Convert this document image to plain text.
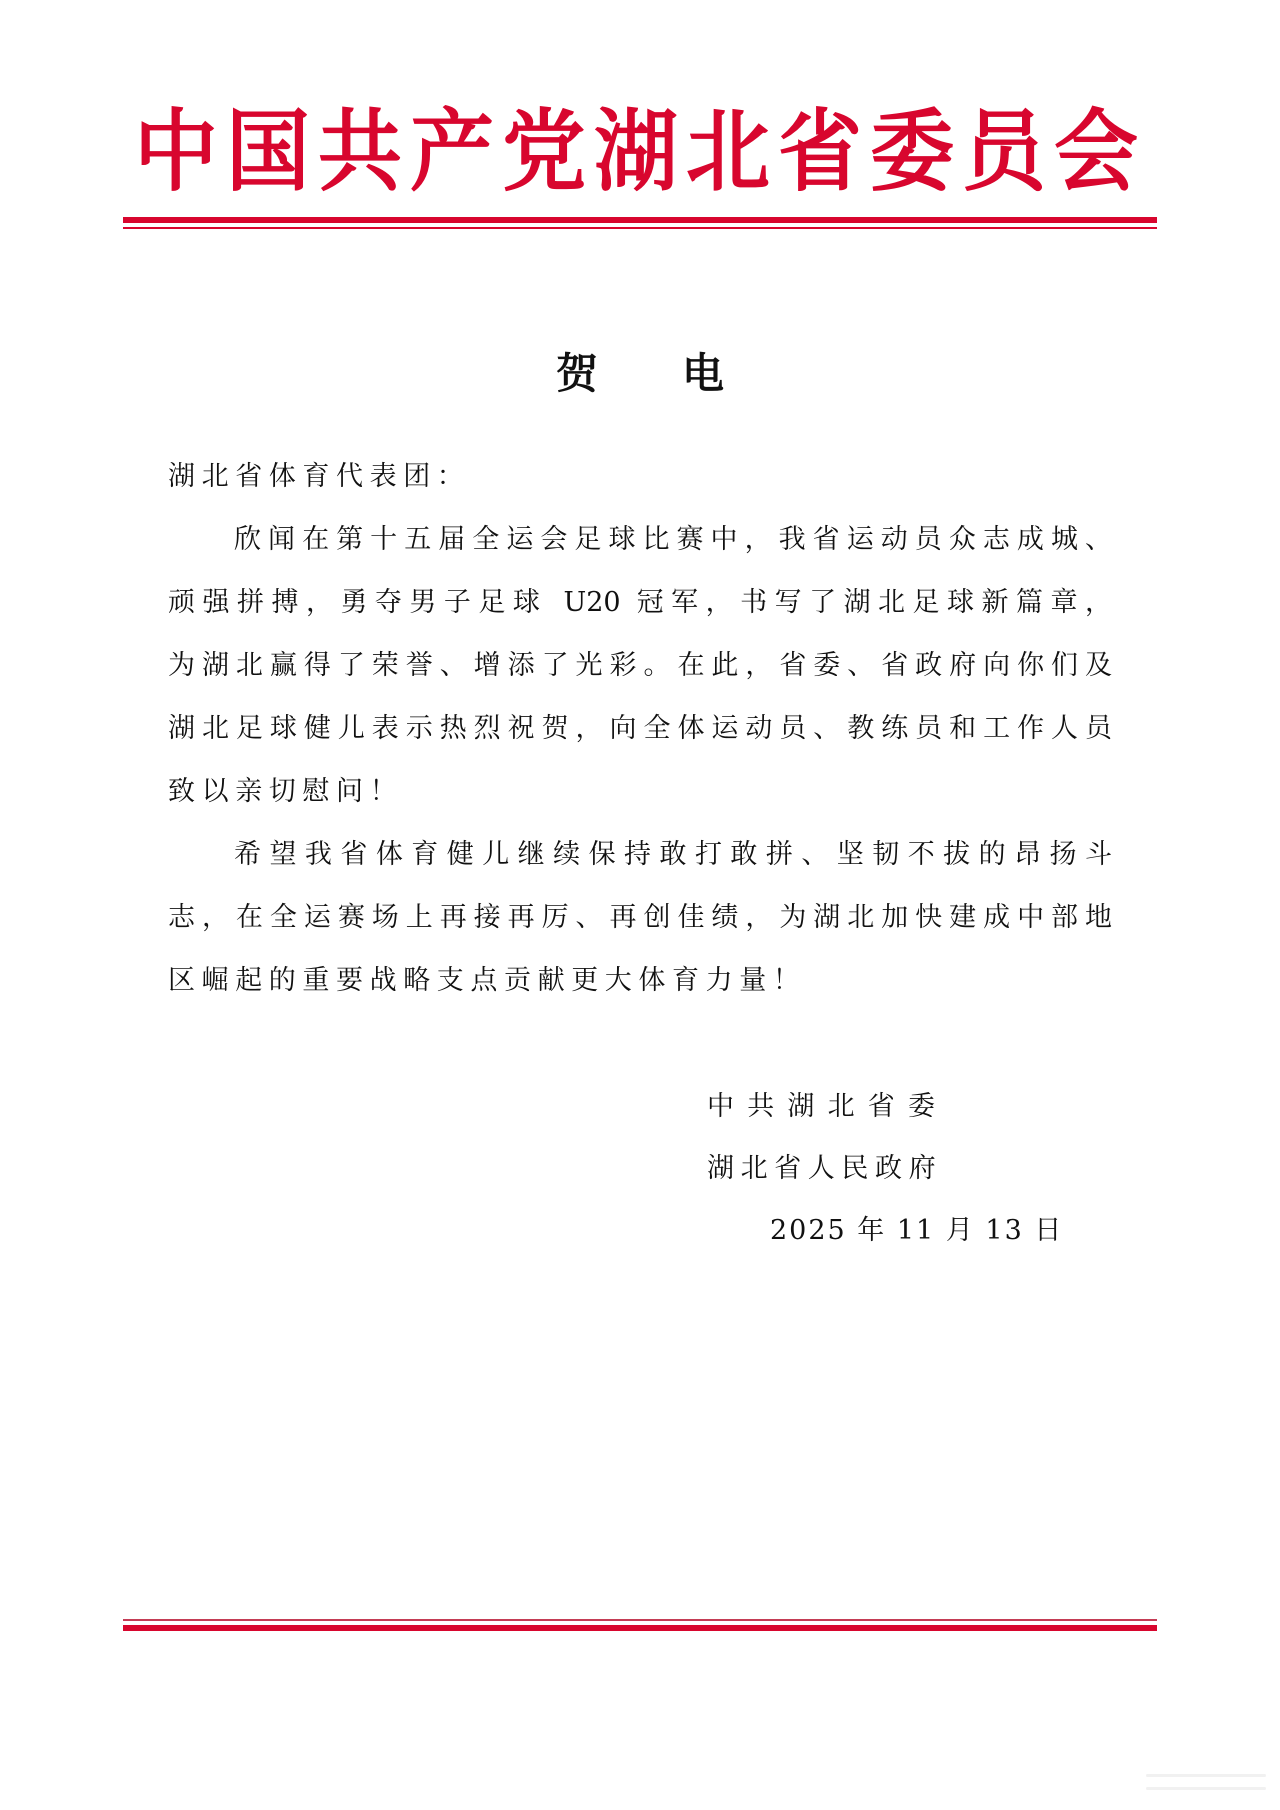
中国共产党湖北省委员会
贺　　电
湖北省体育代表团：
欣闻在第十五届全运会足球比赛中，我省运动员众志成城、
顽强拼搏，勇夺男子足球 U20 冠军，书写了湖北足球新篇章，
为湖北赢得了荣誉、增添了光彩。在此，省委、省政府向你们及
湖北足球健儿表示热烈祝贺，向全体运动员、教练员和工作人员
致以亲切慰问！
希望我省体育健儿继续保持敢打敢拼、坚韧不拔的昂扬斗
志，在全运赛场上再接再厉、再创佳绩，为湖北加快建成中部地
区崛起的重要战略支点贡献更大体育力量！
中共湖北省委
湖北省人民政府
2025 年 11 月 13 日
